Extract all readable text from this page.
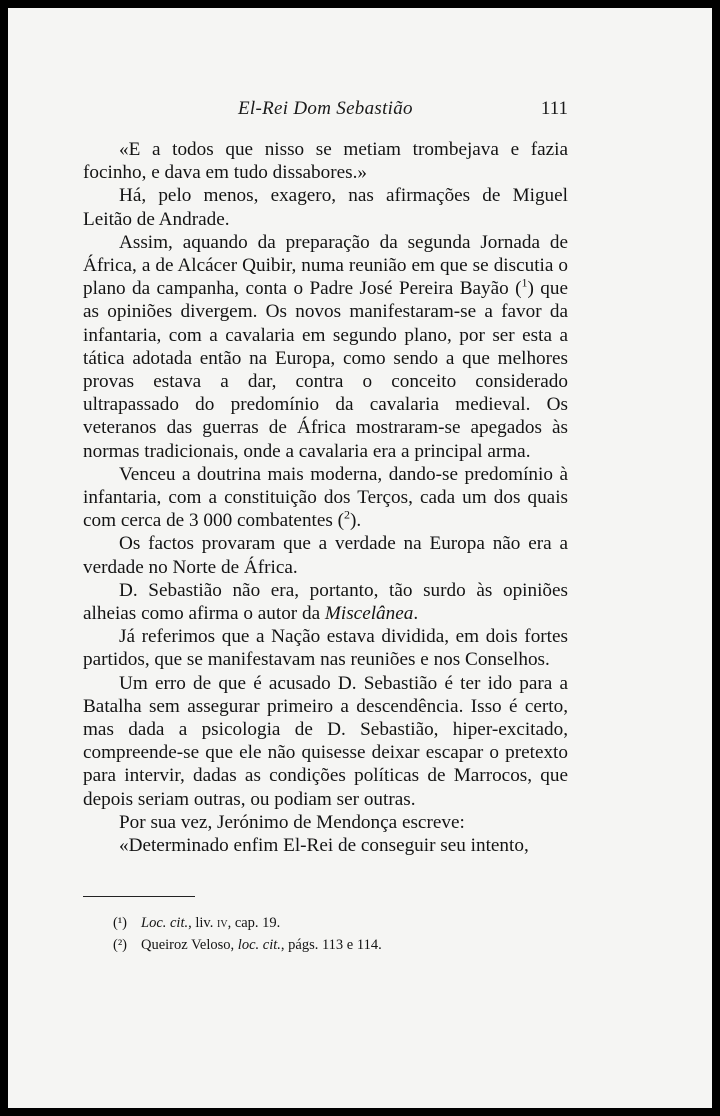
El-Rei Dom Sebastião	111

«E a todos que nisso se metiam trombejava e fazia focinho, e dava em tudo dissabores.»

Há, pelo menos, exagero, nas afirmações de Miguel Leitão de Andrade.

Assim, aquando da preparação da segunda Jornada de África, a de Alcácer Quibir, numa reunião em que se discutia o plano da campanha, conta o Padre José Pereira Bayão ($^1$) que as opiniões divergem. Os novos manifestaram-se a favor da infantaria, com a cavalaria em segundo plano, por ser esta a tática adotada então na Europa, como sendo a que melhores provas estava a dar, contra o conceito considerado ultrapassado do predomínio da cavalaria medieval. Os veteranos das guerras de África mostraram-se apegados às normas tradicionais, onde a cavalaria era a principal arma.

Venceu a doutrina mais moderna, dando-se predomínio à infantaria, com a constituição dos Terços, cada um dos quais com cerca de 3 000 combatentes ($^2$).

Os factos provaram que a verdade na Europa não era a verdade no Norte de África.

D. Sebastião não era, portanto, tão surdo às opiniões alheias como afirma o autor da Miscelânea.

Já referimos que a Nação estava dividida, em dois fortes partidos, que se manifestavam nas reuniões e nos Conselhos.

Um erro de que é acusado D. Sebastião é ter ido para a Batalha sem assegurar primeiro a descendência. Isso é certo, mas dada a psicologia de D. Sebastião, hiper-excitado, compreende-se que ele não quisesse deixar escapar o pretexto para intervir, dadas as condições políticas de Marrocos, que depois seriam outras, ou podiam ser outras.

Por sua vez, Jerónimo de Mendonça escreve:

«Determinado enfim El-Rei de conseguir seu intento,

(¹) Loc. cit., liv. iv, cap. 19.
(²) Queiroz Veloso, loc. cit., págs. 113 e 114.
